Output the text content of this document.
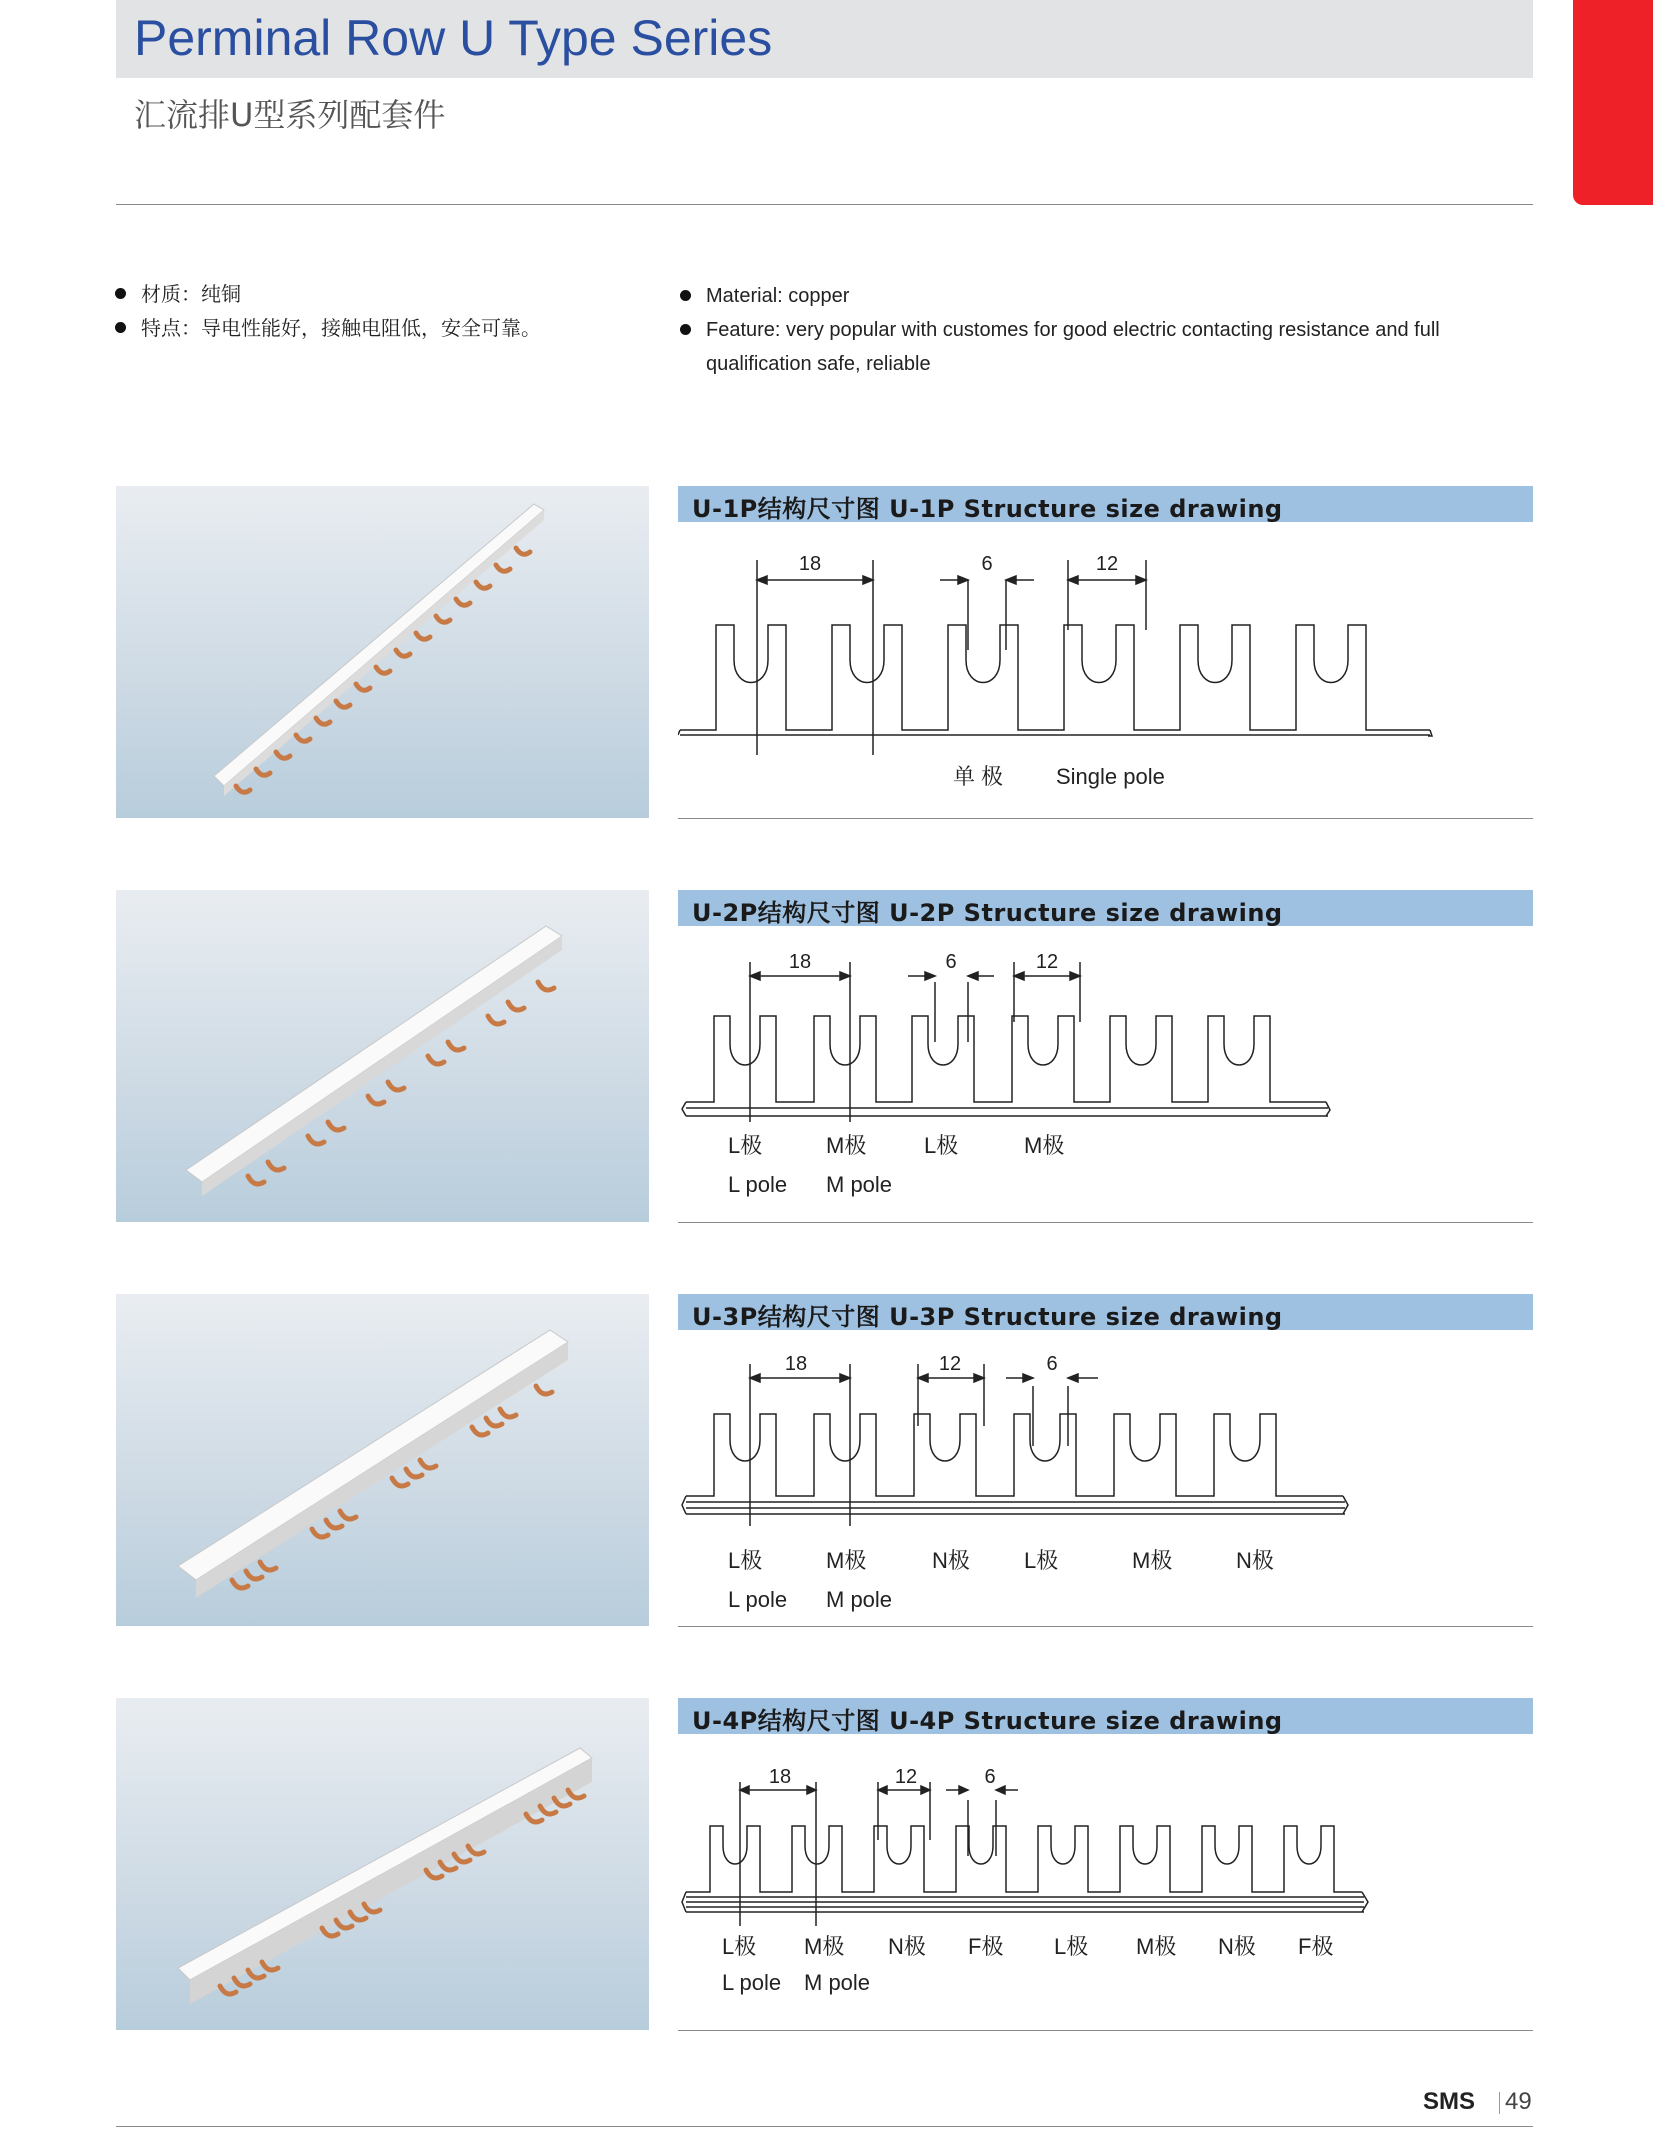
Perminal Row U Type Series
汇流排U型系列配套件
材质：纯铜
特点：导电性能好，接触电阻低，安全可靠。
Material: copper
Feature: very popular with customes for good electric contacting resistance and full qualification safe, reliable
U-1P结构尺寸图 U-1P Structure size drawing
18	6	12
单 极 Single pole
U-2P结构尺寸图 U-2P Structure size drawing
18	6	12
L极	M极	L极	M极
L pole M pole
U-3P结构尺寸图 U-3P Structure size drawing
18	12	6
L极	M极	N极 L极	M极	N极
L pole M pole
U-4P结构尺寸图 U-4P Structure size drawing
18	12	6
L极 M极 N极 F极 L极 M极 N极 F极
L pole M pole
SMS 49
